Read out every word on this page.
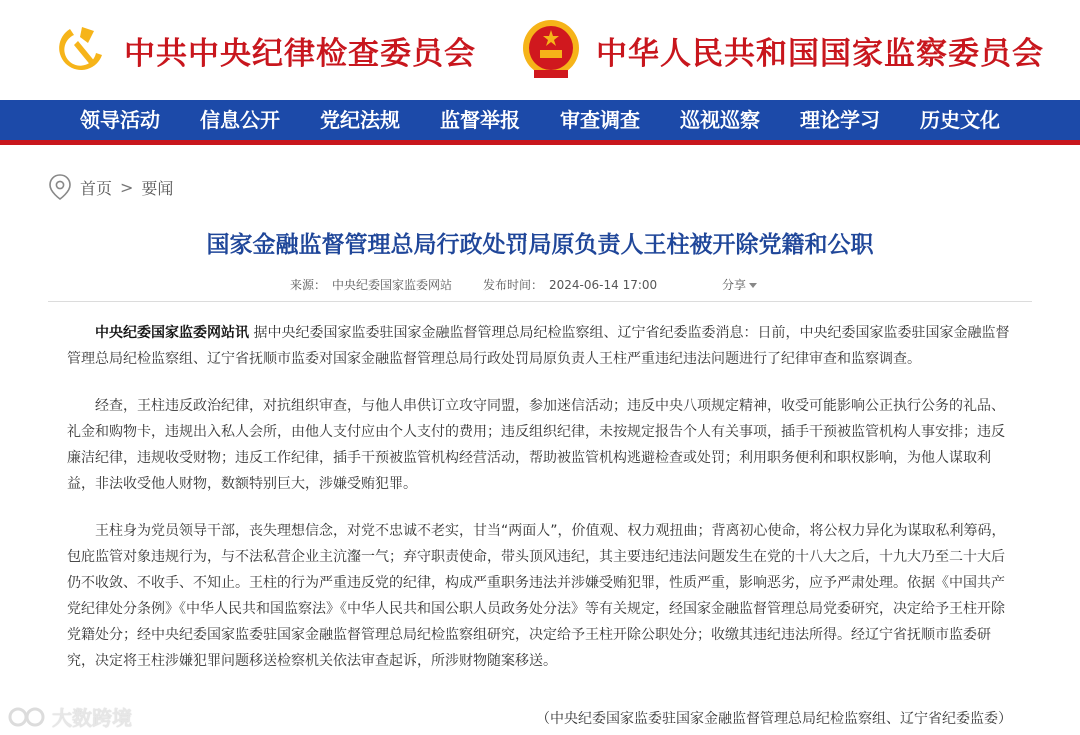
中共中央纪律检查委员会	中华人民共和国国家监察委员会
领导活动	信息公开	党纪法规	监督举报	审查调查	巡视巡察	理论学习	历史文化
首页 > 要闻
国家金融监督管理总局行政处罚局原负责人王柱被开除党籍和公职
来源： 中央纪委国家监委网站	发布时间： 2024-06-14 17:00	分享

中央纪委国家监委网站讯 据中央纪委国家监委驻国家金融监督管理总局纪检监察组、辽宁省纪委监委消息：日前，中央纪委国家监委驻国家金融监督管理总局纪检监察组、辽宁省抚顺市监委对国家金融监督管理总局行政处罚局原负责人王柱严重违纪违法问题进行了纪律审查和监察调查。

经查，王柱违反政治纪律，对抗组织审查，与他人串供订立攻守同盟，参加迷信活动；违反中央八项规定精神，收受可能影响公正执行公务的礼品、礼金和购物卡，违规出入私人会所，由他人支付应由个人支付的费用；违反组织纪律，未按规定报告个人有关事项，插手干预被监管机构人事安排；违反廉洁纪律，违规收受财物；违反工作纪律，插手干预被监管机构经营活动，帮助被监管机构逃避检查或处罚；利用职务便利和职权影响，为他人谋取利益，非法收受他人财物，数额特别巨大，涉嫌受贿犯罪。

王柱身为党员领导干部，丧失理想信念，对党不忠诚不老实，甘当“两面人”，价值观、权力观扭曲；背离初心使命，将公权力异化为谋取私利筹码，包庇监管对象违规行为，与不法私营企业主沆瀣一气；弃守职责使命，带头顶风违纪，其主要违纪违法问题发生在党的十八大之后，十九大乃至二十大后仍不收敛、不收手、不知止。王柱的行为严重违反党的纪律，构成严重职务违法并涉嫌受贿犯罪，性质严重，影响恶劣，应予严肃处理。依据《中国共产党纪律处分条例》《中华人民共和国监察法》《中华人民共和国公职人员政务处分法》等有关规定，经国家金融监督管理总局党委研究，决定给予王柱开除党籍处分；经中央纪委国家监委驻国家金融监督管理总局纪检监察组研究，决定给予王柱开除公职处分；收缴其违纪违法所得。经辽宁省抚顺市监委研究，决定将王柱涉嫌犯罪问题移送检察机关依法审查起诉，所涉财物随案移送。

（中央纪委国家监委驻国家金融监督管理总局纪检监察组、辽宁省纪委监委）
大数跨境
